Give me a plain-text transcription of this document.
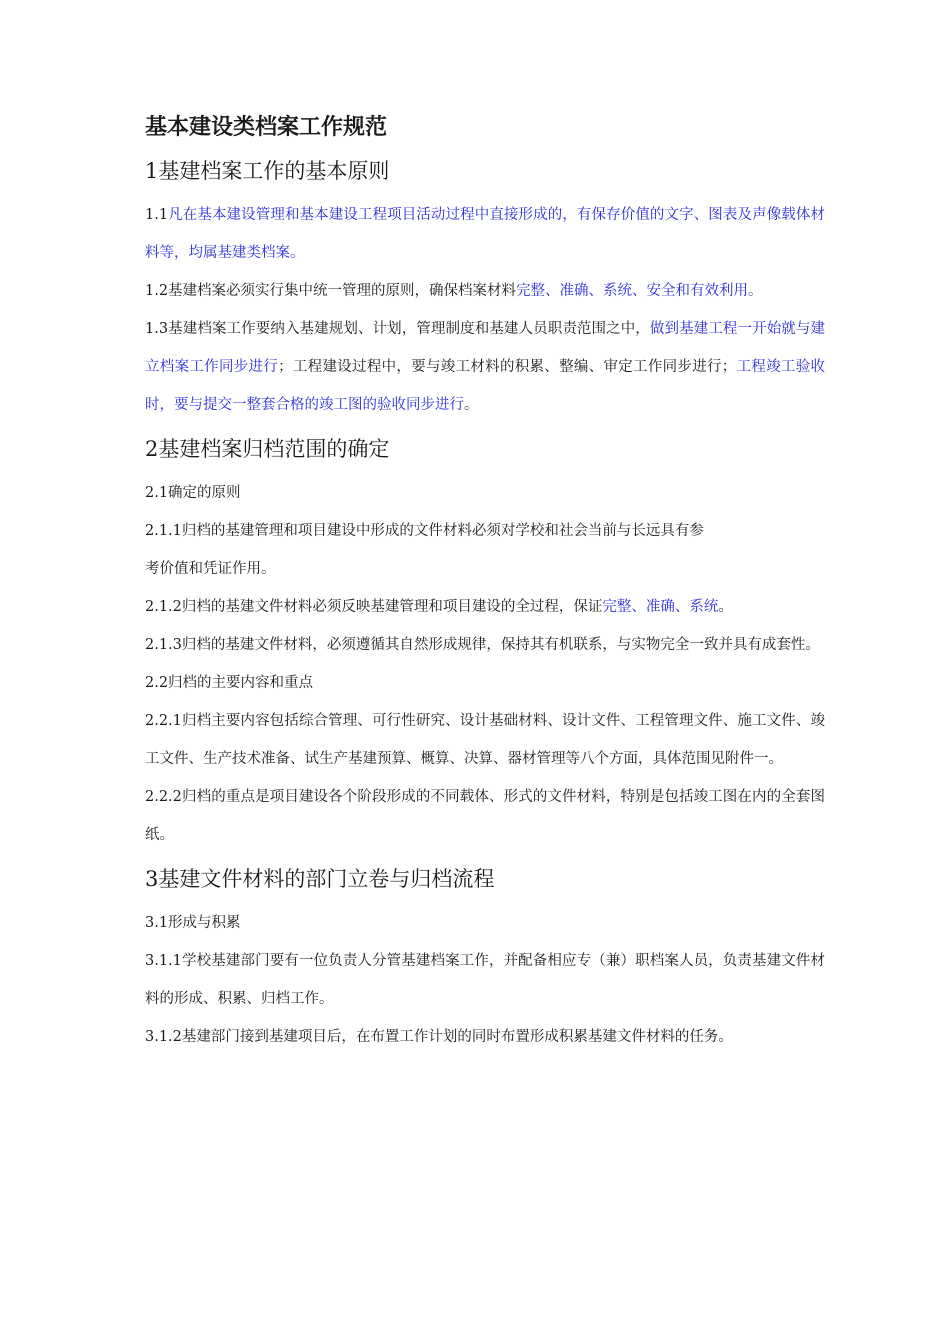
基本建设类档案工作规范
1基建档案工作的基本原则

1.1凡在基本建设管理和基本建设工程项目活动过程中直接形成的，有保存价值的文字、图表及声像载体材料等，均属基建类档案。

1.2基建档案必须实行集中统一管理的原则，确保档案材料完整、准确、系统、安全和有效利用。

1.3基建档案工作要纳入基建规划、计划，管理制度和基建人员职责范围之中，做到基建工程一开始就与建立档案工作同步进行；工程建设过程中，要与竣工材料的积累、整编、审定工作同步进行；工程竣工验收时，要与提交一整套合格的竣工图的验收同步进行。

2基建档案归档范围的确定

2.1确定的原则

2.1.1归档的基建管理和项目建设中形成的文件材料必须对学校和社会当前与长远具有参
考价值和凭证作用。

2.1.2归档的基建文件材料必须反映基建管理和项目建设的全过程，保证完整、准确、系统。

2.1.3归档的基建文件材料，必须遵循其自然形成规律，保持其有机联系，与实物完全一致并具有成套性。

2.2归档的主要内容和重点

2.2.1归档主要内容包括综合管理、可行性研究、设计基础材料、设计文件、工程管理文件、施工文件、竣工文件、生产技术准备、试生产基建预算、概算、决算、器材管理等八个方面，具体范围见附件一。

2.2.2归档的重点是项目建设各个阶段形成的不同载体、形式的文件材料，特别是包括竣工图在内的全套图纸。

3基建文件材料的部门立卷与归档流程

3.1形成与积累

3.1.1学校基建部门要有一位负责人分管基建档案工作，并配备相应专（兼）职档案人员，负责基建文件材料的形成、积累、归档工作。

3.1.2基建部门接到基建项目后，在布置工作计划的同时布置形成积累基建文件材料的任务。
